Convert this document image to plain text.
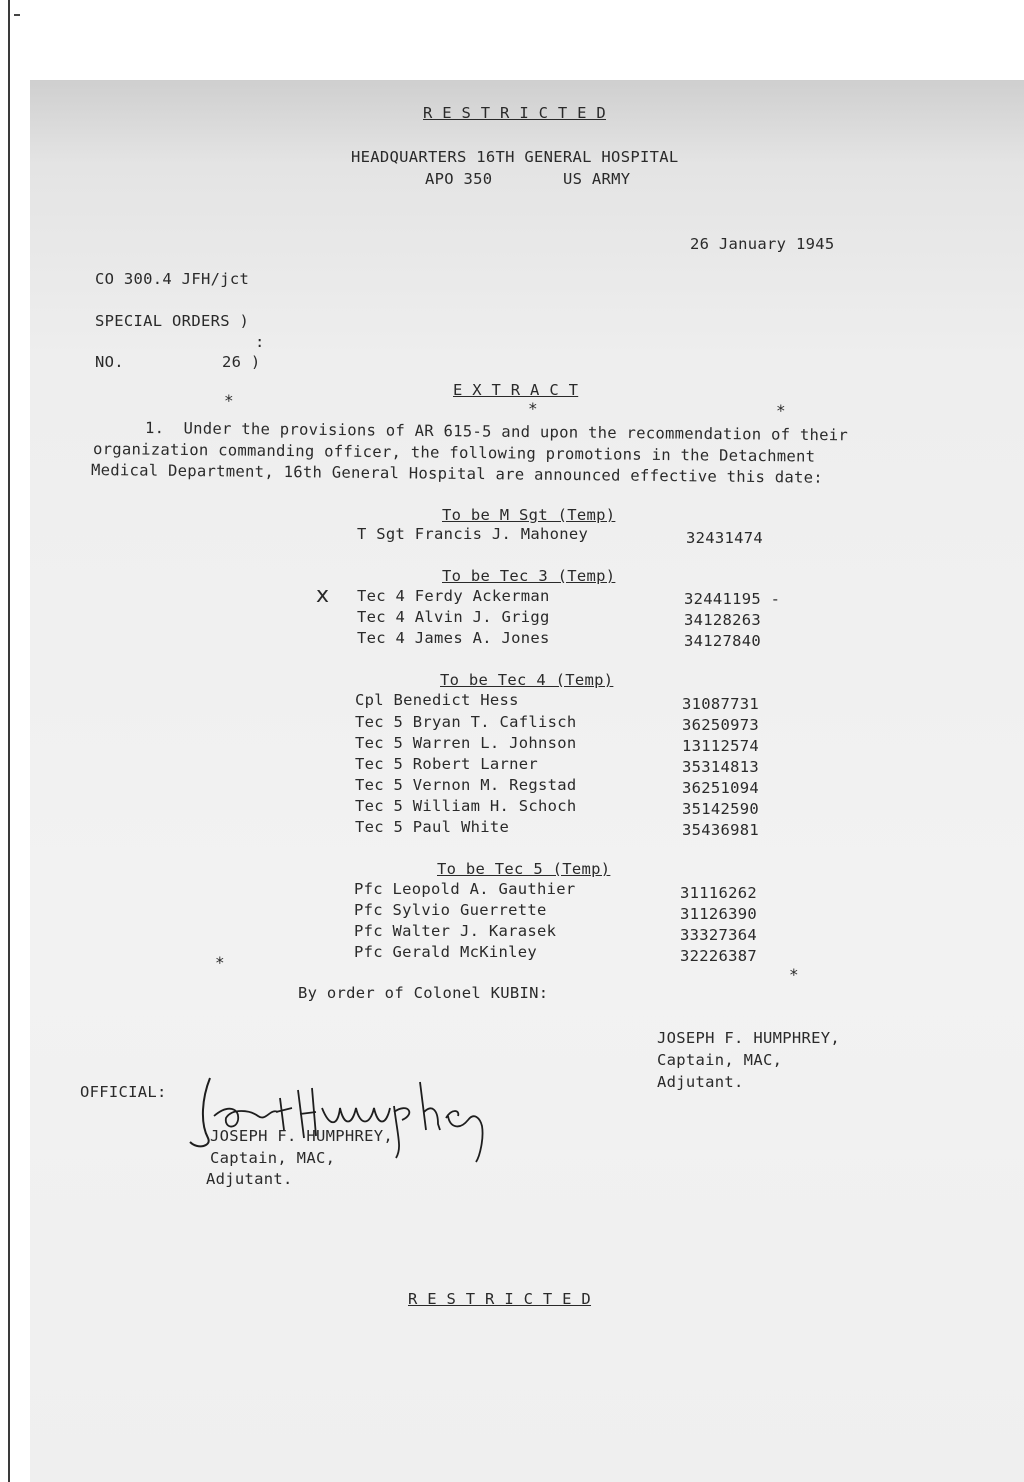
R E S T R I C T E D
HEADQUARTERS 16TH GENERAL HOSPITAL
APO 350	US ARMY
26 January 1945
CO 300.4 JFH/jct
SPECIAL ORDERS )
:
NO.	26 )
E X T R A C T
*	*	*
1.  Under the provisions of AR 615-5 and upon the recommendation of their
organization commanding officer, the following promotions in the Detachment
Medical Department, 16th General Hospital are announced effective this date:
To be M Sgt (Temp)
T Sgt Francis J. Mahoney	32431474
To be Tec 3 (Temp)
x Tec 4 Ferdy Ackerman	32441195 -
Tec 4 Alvin J. Grigg	34128263
Tec 4 James A. Jones	34127840
To be Tec 4 (Temp)
Cpl Benedict Hess	31087731
Tec 5 Bryan T. Caflisch	36250973
Tec 5 Warren L. Johnson	13112574
Tec 5 Robert Larner	35314813
Tec 5 Vernon M. Regstad	36251094
Tec 5 William H. Schoch	35142590
Tec 5 Paul White	35436981
To be Tec 5 (Temp)
Pfc Leopold A. Gauthier	31116262
Pfc Sylvio Guerrette	31126390
Pfc Walter J. Karasek	33327364
Pfc Gerald McKinley	32226387
*
*
By order of Colonel KUBIN:
JOSEPH F. HUMPHREY,
Captain, MAC,
Adjutant.
OFFICIAL:
JOSEPH F. HUMPHREY,
Captain, MAC,
Adjutant.
R E S T R I C T E D
